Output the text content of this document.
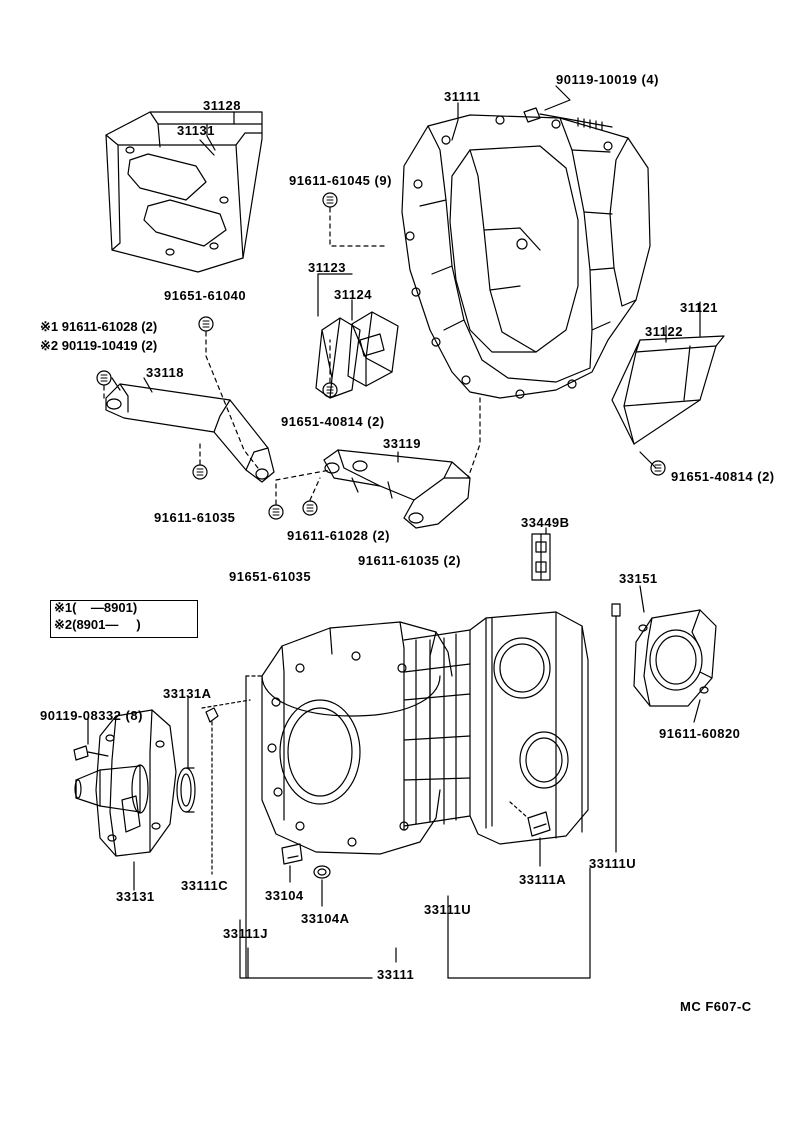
※1(    —8901)
※2(8901—     )
※1 91611-61028 (2)
※2 90119-10419 (2)
90119-10019 (4)
31111
31128
31131
91611-61045 (9)
31123
91651-61040	31124
31121
31122
33118
91651-40814 (2)
33119
91651-40814 (2)
91611-61035	33449B
91611-61028 (2)
91611-61035 (2)
91651-61035	33151
33131A
90119-08332 (8)
91611-60820
33131
33111C
33104
33104A
33111A
33111U
33111U
33111J
33111
MC F607-C
